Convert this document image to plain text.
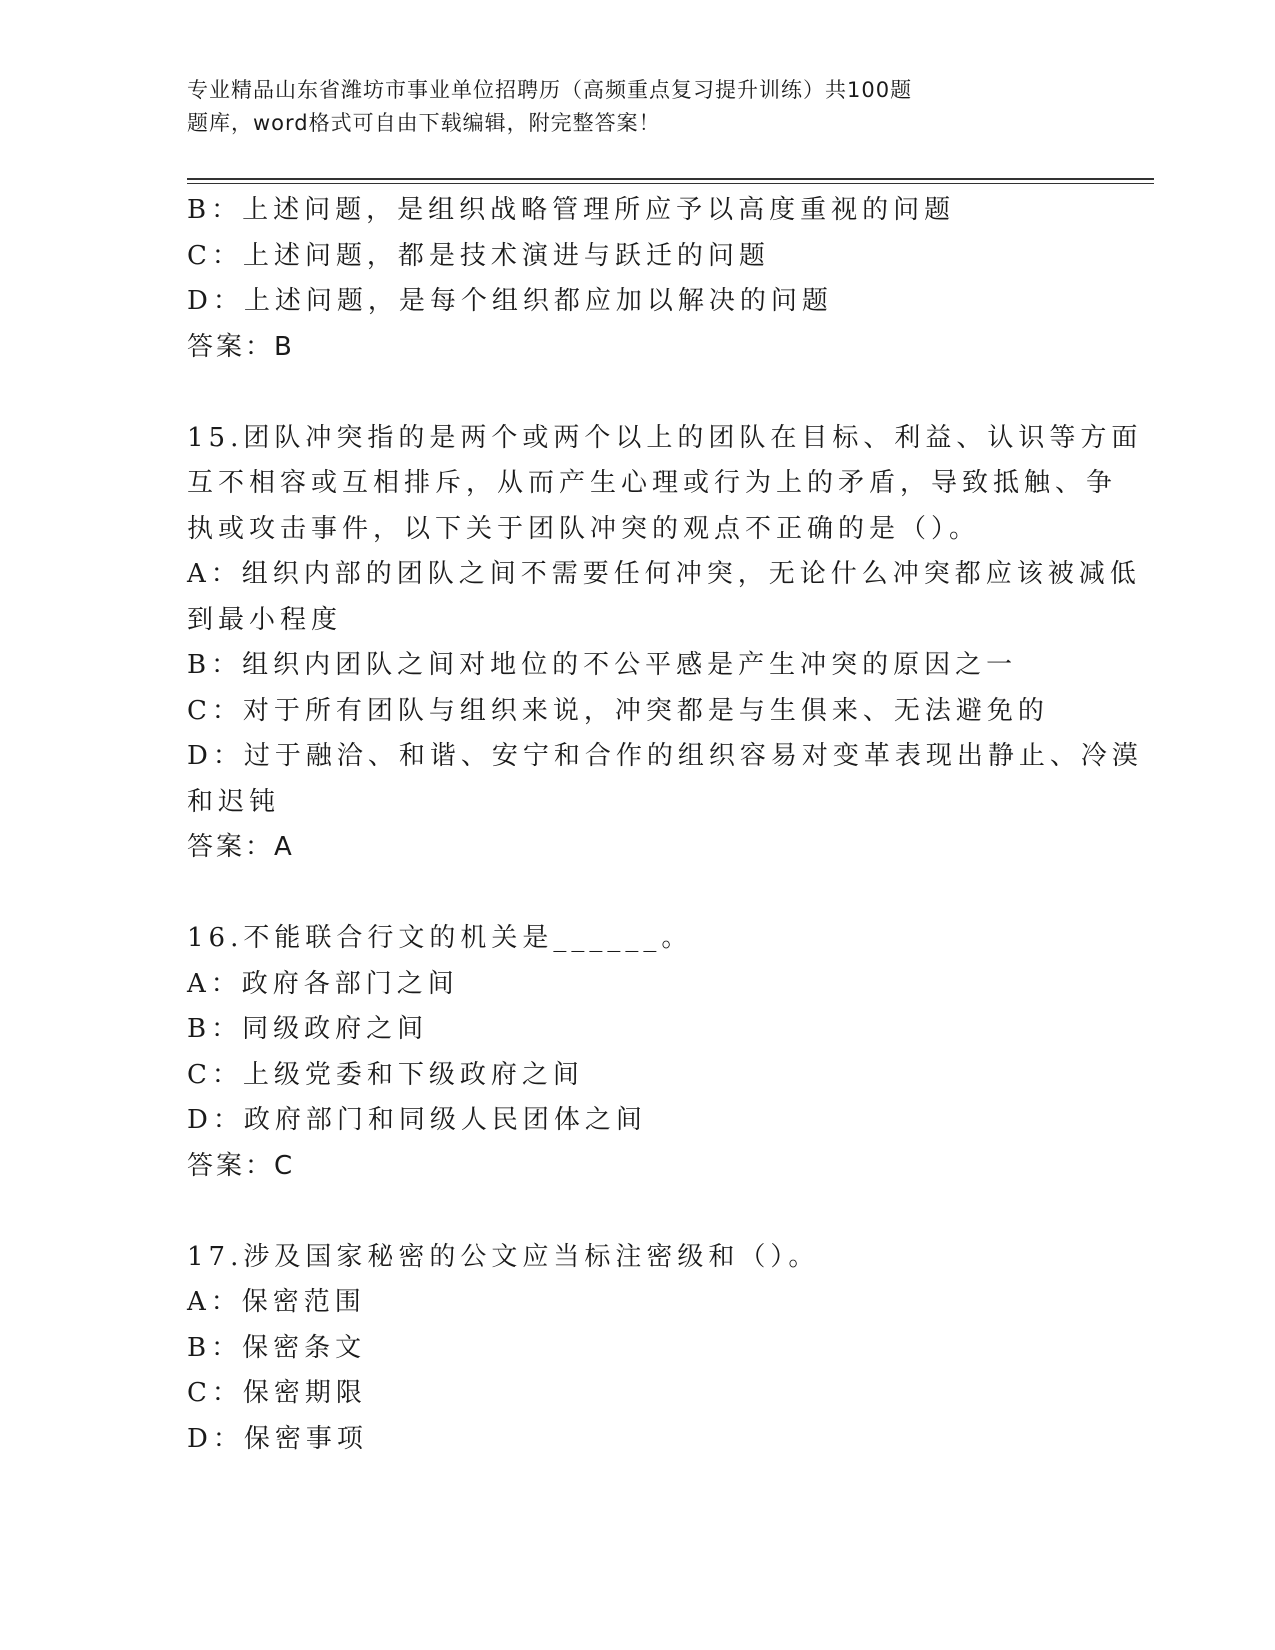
专业精品山东省潍坊市事业单位招聘历（高频重点复习提升训练）共100题
题库，word格式可自由下载编辑，附完整答案！
B：上述问题，是组织战略管理所应予以高度重视的问题
C：上述问题，都是技术演进与跃迁的问题
D：上述问题，是每个组织都应加以解决的问题
答案：B
15.团队冲突指的是两个或两个以上的团队在目标、利益、认识等方面
互不相容或互相排斥，从而产生心理或行为上的矛盾，导致抵触、争
执或攻击事件，以下关于团队冲突的观点不正确的是（）。
A：组织内部的团队之间不需要任何冲突，无论什么冲突都应该被减低
到最小程度
B：组织内团队之间对地位的不公平感是产生冲突的原因之一
C：对于所有团队与组织来说，冲突都是与生俱来、无法避免的
D：过于融洽、和谐、安宁和合作的组织容易对变革表现出静止、冷漠
和迟钝
答案：A
16.不能联合行文的机关是______。
A：政府各部门之间
B：同级政府之间
C：上级党委和下级政府之间
D：政府部门和同级人民团体之间
答案：C
17.涉及国家秘密的公文应当标注密级和（）。
A：保密范围
B：保密条文
C：保密期限
D：保密事项
